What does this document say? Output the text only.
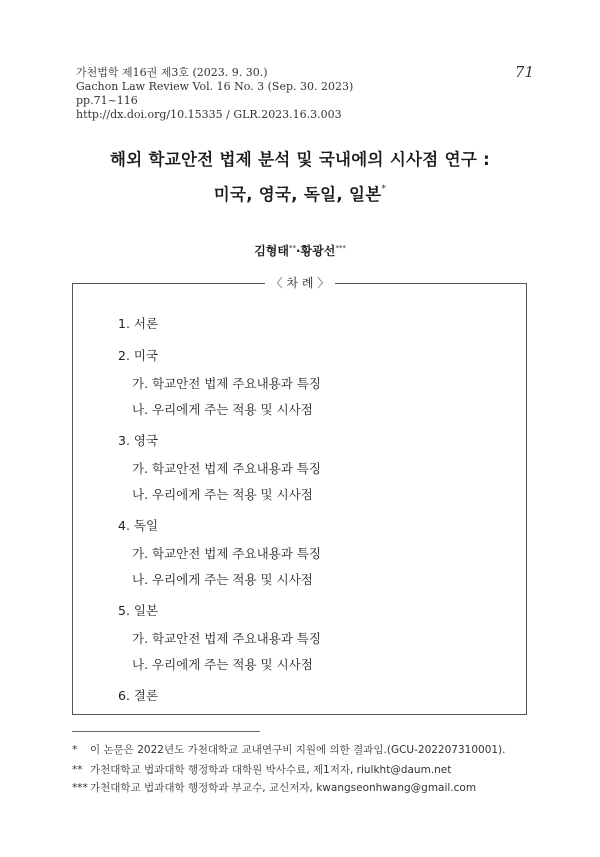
가천법학 제16권 제3호 (2023. 9. 30.)
Gachon Law Review Vol. 16 No. 3 (Sep. 30. 2023)
pp.71~116
http://dx.doi.org/10.15335 / GLR.2023.16.3.003
71
해외 학교안전 법제 분석 및 국내에의 시사점 연구 :
미국, 영국, 독일, 일본*
김형태**·황광선***
〈 차 례 〉
1. 서론
2. 미국
가. 학교안전 법제 주요내용과 특징
나. 우리에게 주는 적용 및 시사점
3. 영국
가. 학교안전 법제 주요내용과 특징
나. 우리에게 주는 적용 및 시사점
4. 독일
가. 학교안전 법제 주요내용과 특징
나. 우리에게 주는 적용 및 시사점
5. 일본
가. 학교안전 법제 주요내용과 특징
나. 우리에게 주는 적용 및 시사점
6. 결론
* 이 논문은 2022년도 가천대학교 교내연구비 지원에 의한 결과임.(GCU-202207310001).
** 가천대학교 법과대학 행정학과 대학원 박사수료, 제1저자, riulkht@daum.net
*** 가천대학교 법과대학 행정학과 부교수, 교신저자, kwangseonhwang@gmail.com
